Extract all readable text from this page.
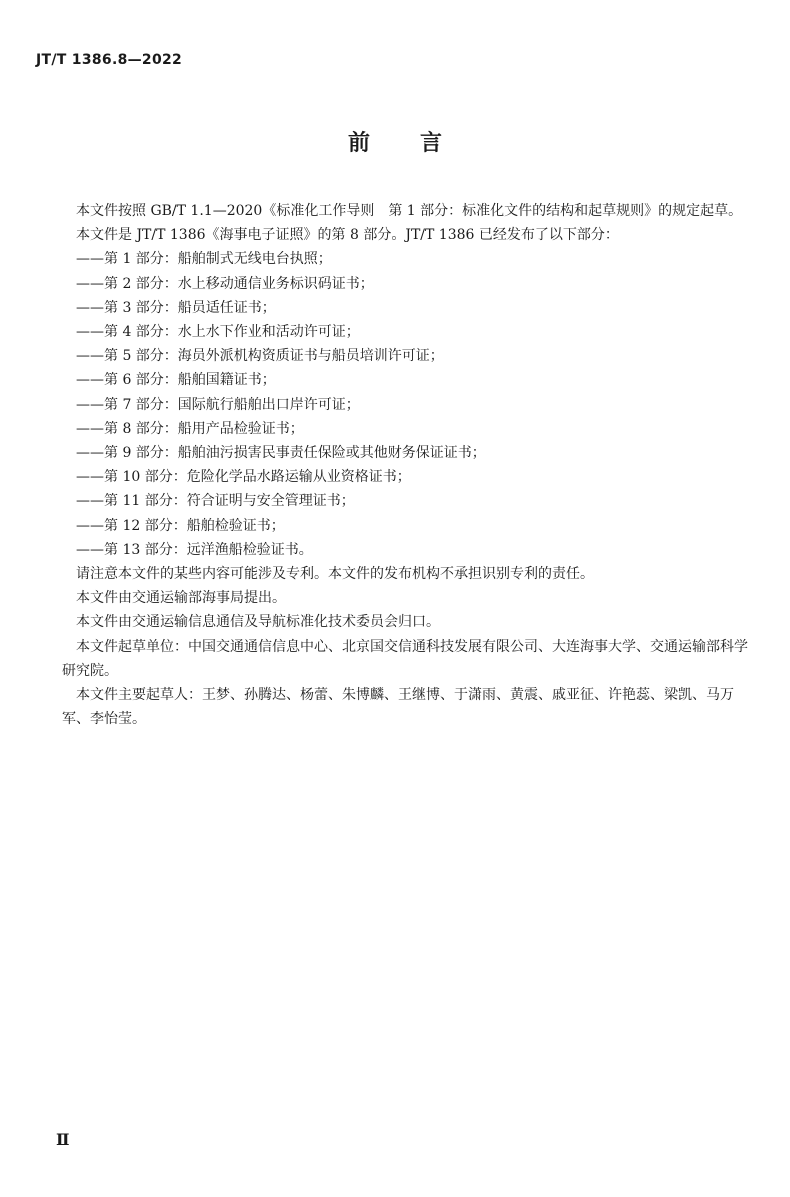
JT/T 1386.8—2022
前言

本文件按照 GB/T 1.1—2020《标准化工作导则　第 1 部分：标准化文件的结构和起草规则》的规定起草。

本文件是 JT/T 1386《海事电子证照》的第 8 部分。JT/T 1386 已经发布了以下部分：

——第 1 部分：船舶制式无线电台执照；

——第 2 部分：水上移动通信业务标识码证书；

——第 3 部分：船员适任证书；

——第 4 部分：水上水下作业和活动许可证；

——第 5 部分：海员外派机构资质证书与船员培训许可证；

——第 6 部分：船舶国籍证书；

——第 7 部分：国际航行船舶出口岸许可证；

——第 8 部分：船用产品检验证书；

——第 9 部分：船舶油污损害民事责任保险或其他财务保证证书；

——第 10 部分：危险化学品水路运输从业资格证书；

——第 11 部分：符合证明与安全管理证书；

——第 12 部分：船舶检验证书；

——第 13 部分：远洋渔船检验证书。

请注意本文件的某些内容可能涉及专利。本文件的发布机构不承担识别专利的责任。

本文件由交通运输部海事局提出。

本文件由交通运输信息通信及导航标准化技术委员会归口。

本文件起草单位：中国交通通信信息中心、北京国交信通科技发展有限公司、大连海事大学、交通运输部科学研究院。

本文件主要起草人：王梦、孙腾达、杨蕾、朱博麟、王继博、于潇雨、黄震、戚亚征、许艳蕊、梁凯、马万军、李怡莹。

Ⅱ
